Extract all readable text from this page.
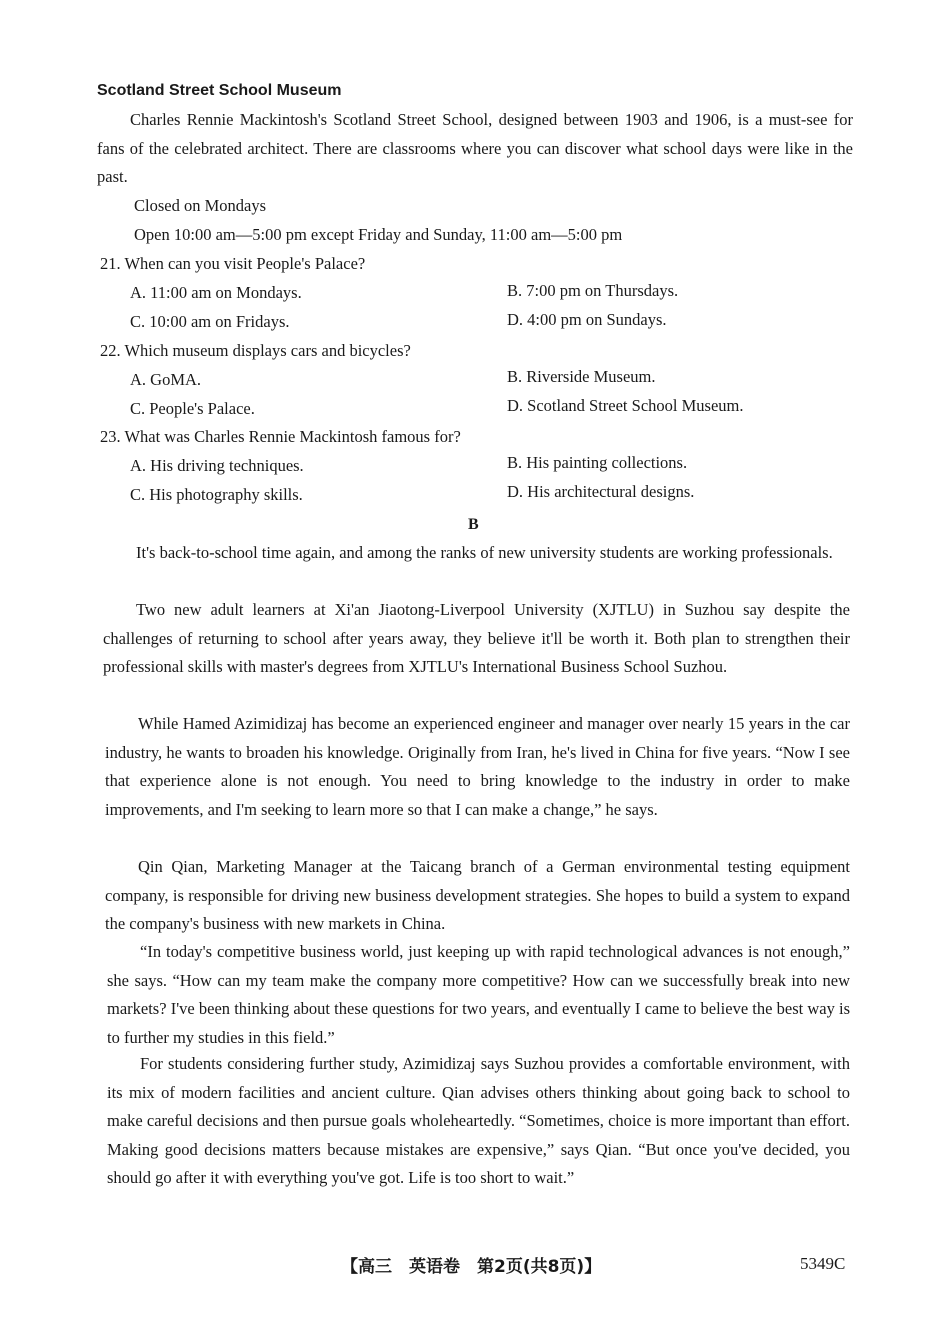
Scotland Street School Museum
Charles Rennie Mackintosh's Scotland Street School, designed between 1903 and 1906, is a must-see for fans of the celebrated architect. There are classrooms where you can discover what school days were like in the past.
Closed on Mondays
Open 10:00 am—5:00 pm except Friday and Sunday, 11:00 am—5:00 pm
21. When can you visit People's Palace?
A. 11:00 am on Mondays.	B. 7:00 pm on Thursdays.
C. 10:00 am on Fridays.	D. 4:00 pm on Sundays.
22. Which museum displays cars and bicycles?
A. GoMA.	B. Riverside Museum.
C. People's Palace.	D. Scotland Street School Museum.
23. What was Charles Rennie Mackintosh famous for?
A. His driving techniques.	B. His painting collections.
C. His photography skills.	D. His architectural designs.
B
It's back-to-school time again, and among the ranks of new university students are working professionals.
Two new adult learners at Xi'an Jiaotong-Liverpool University (XJTLU) in Suzhou say despite the challenges of returning to school after years away, they believe it'll be worth it. Both plan to strengthen their professional skills with master's degrees from XJTLU's International Business School Suzhou.
While Hamed Azimidizaj has become an experienced engineer and manager over nearly 15 years in the car industry, he wants to broaden his knowledge. Originally from Iran, he's lived in China for five years. “Now I see that experience alone is not enough. You need to bring knowledge to the industry in order to make improvements, and I'm seeking to learn more so that I can make a change,” he says.
Qin Qian, Marketing Manager at the Taicang branch of a German environmental testing equipment company, is responsible for driving new business development strategies. She hopes to build a system to expand the company's business with new markets in China.
“In today's competitive business world, just keeping up with rapid technological advances is not enough,” she says. “How can my team make the company more competitive? How can we successfully break into new markets? I've been thinking about these questions for two years, and eventually I came to believe the best way is to further my studies in this field.”
For students considering further study, Azimidizaj says Suzhou provides a comfortable environment, with its mix of modern facilities and ancient culture. Qian advises others thinking about going back to school to make careful decisions and then pursue goals wholeheartedly. “Sometimes, choice is more important than effort. Making good decisions matters because mistakes are expensive,” says Qian. “But once you've decided, you should go after it with everything you've got. Life is too short to wait.”
【高三　英语卷　第2页(共8页)】	5349C
